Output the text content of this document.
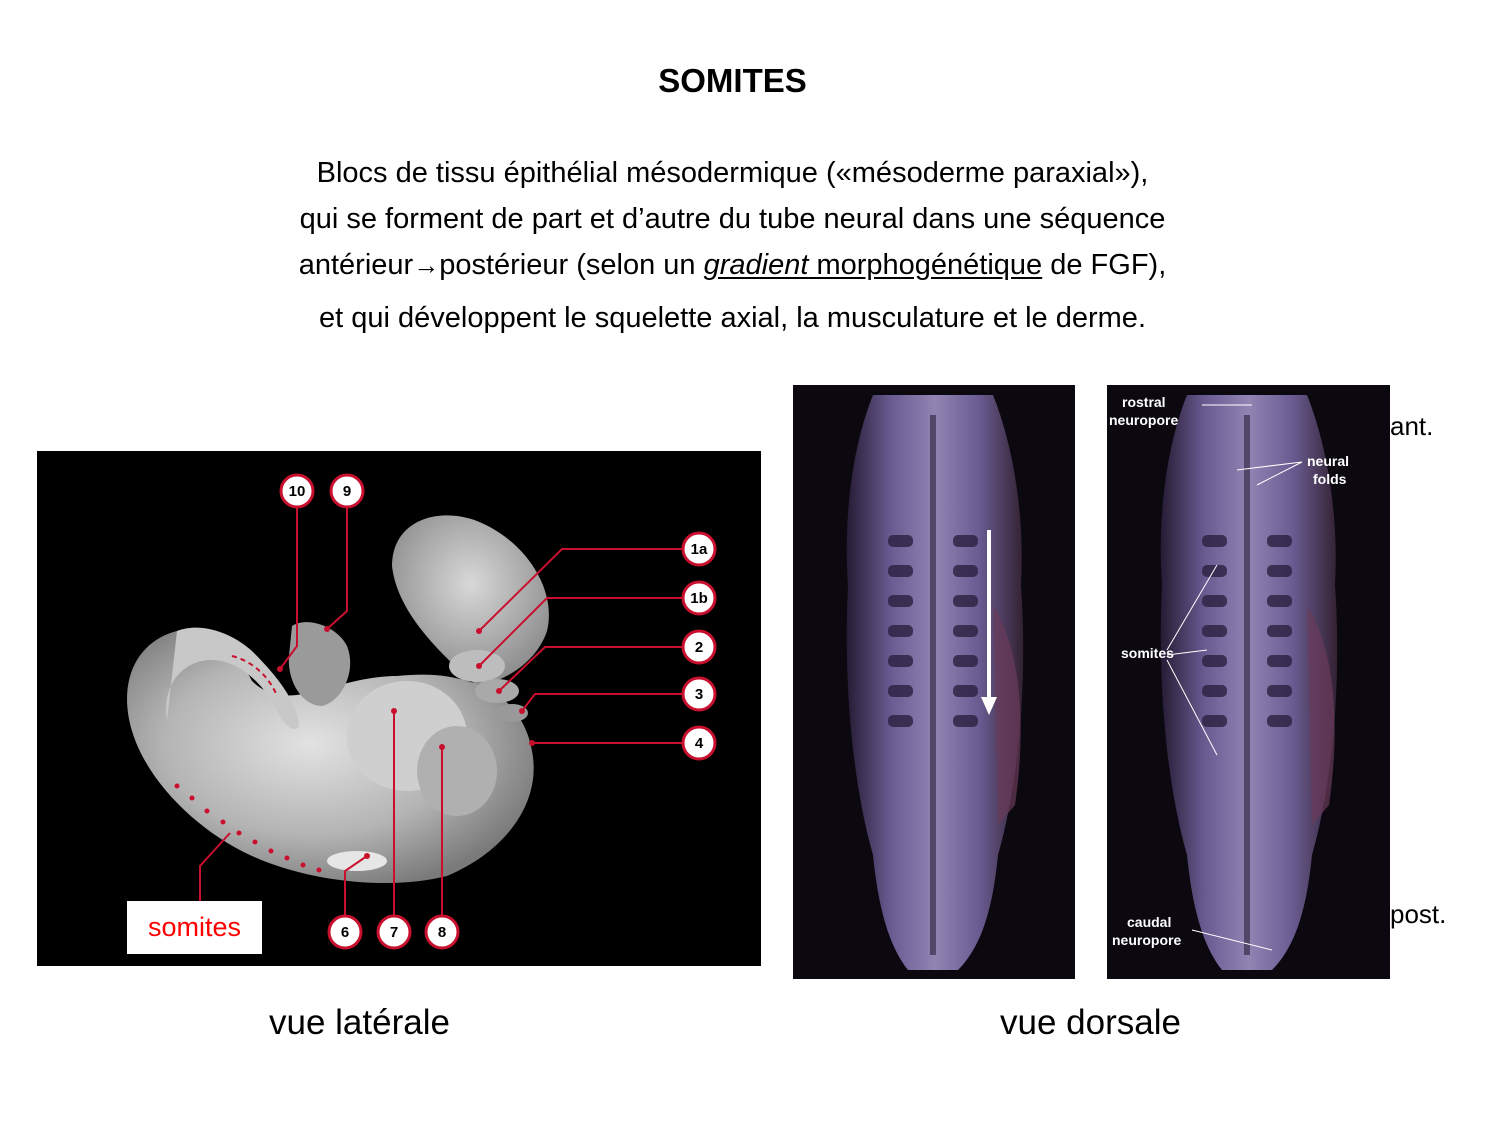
SOMITES
Blocs de tissu épithélial mésodermique («mésoderme paraxial»),
qui se forment de part et d’autre du tube neural dans une séquence
antérieur→postérieur (selon un gradient morphogénétique de FGF),
et qui développent le squelette axial, la musculature et le derme.
10 9
1a
1b
2
3
4
6	7	8
somites
rostral
neuropore
neural
folds
somites
caudal
neuropore
ant.
post.
vue latérale	vue dorsale
